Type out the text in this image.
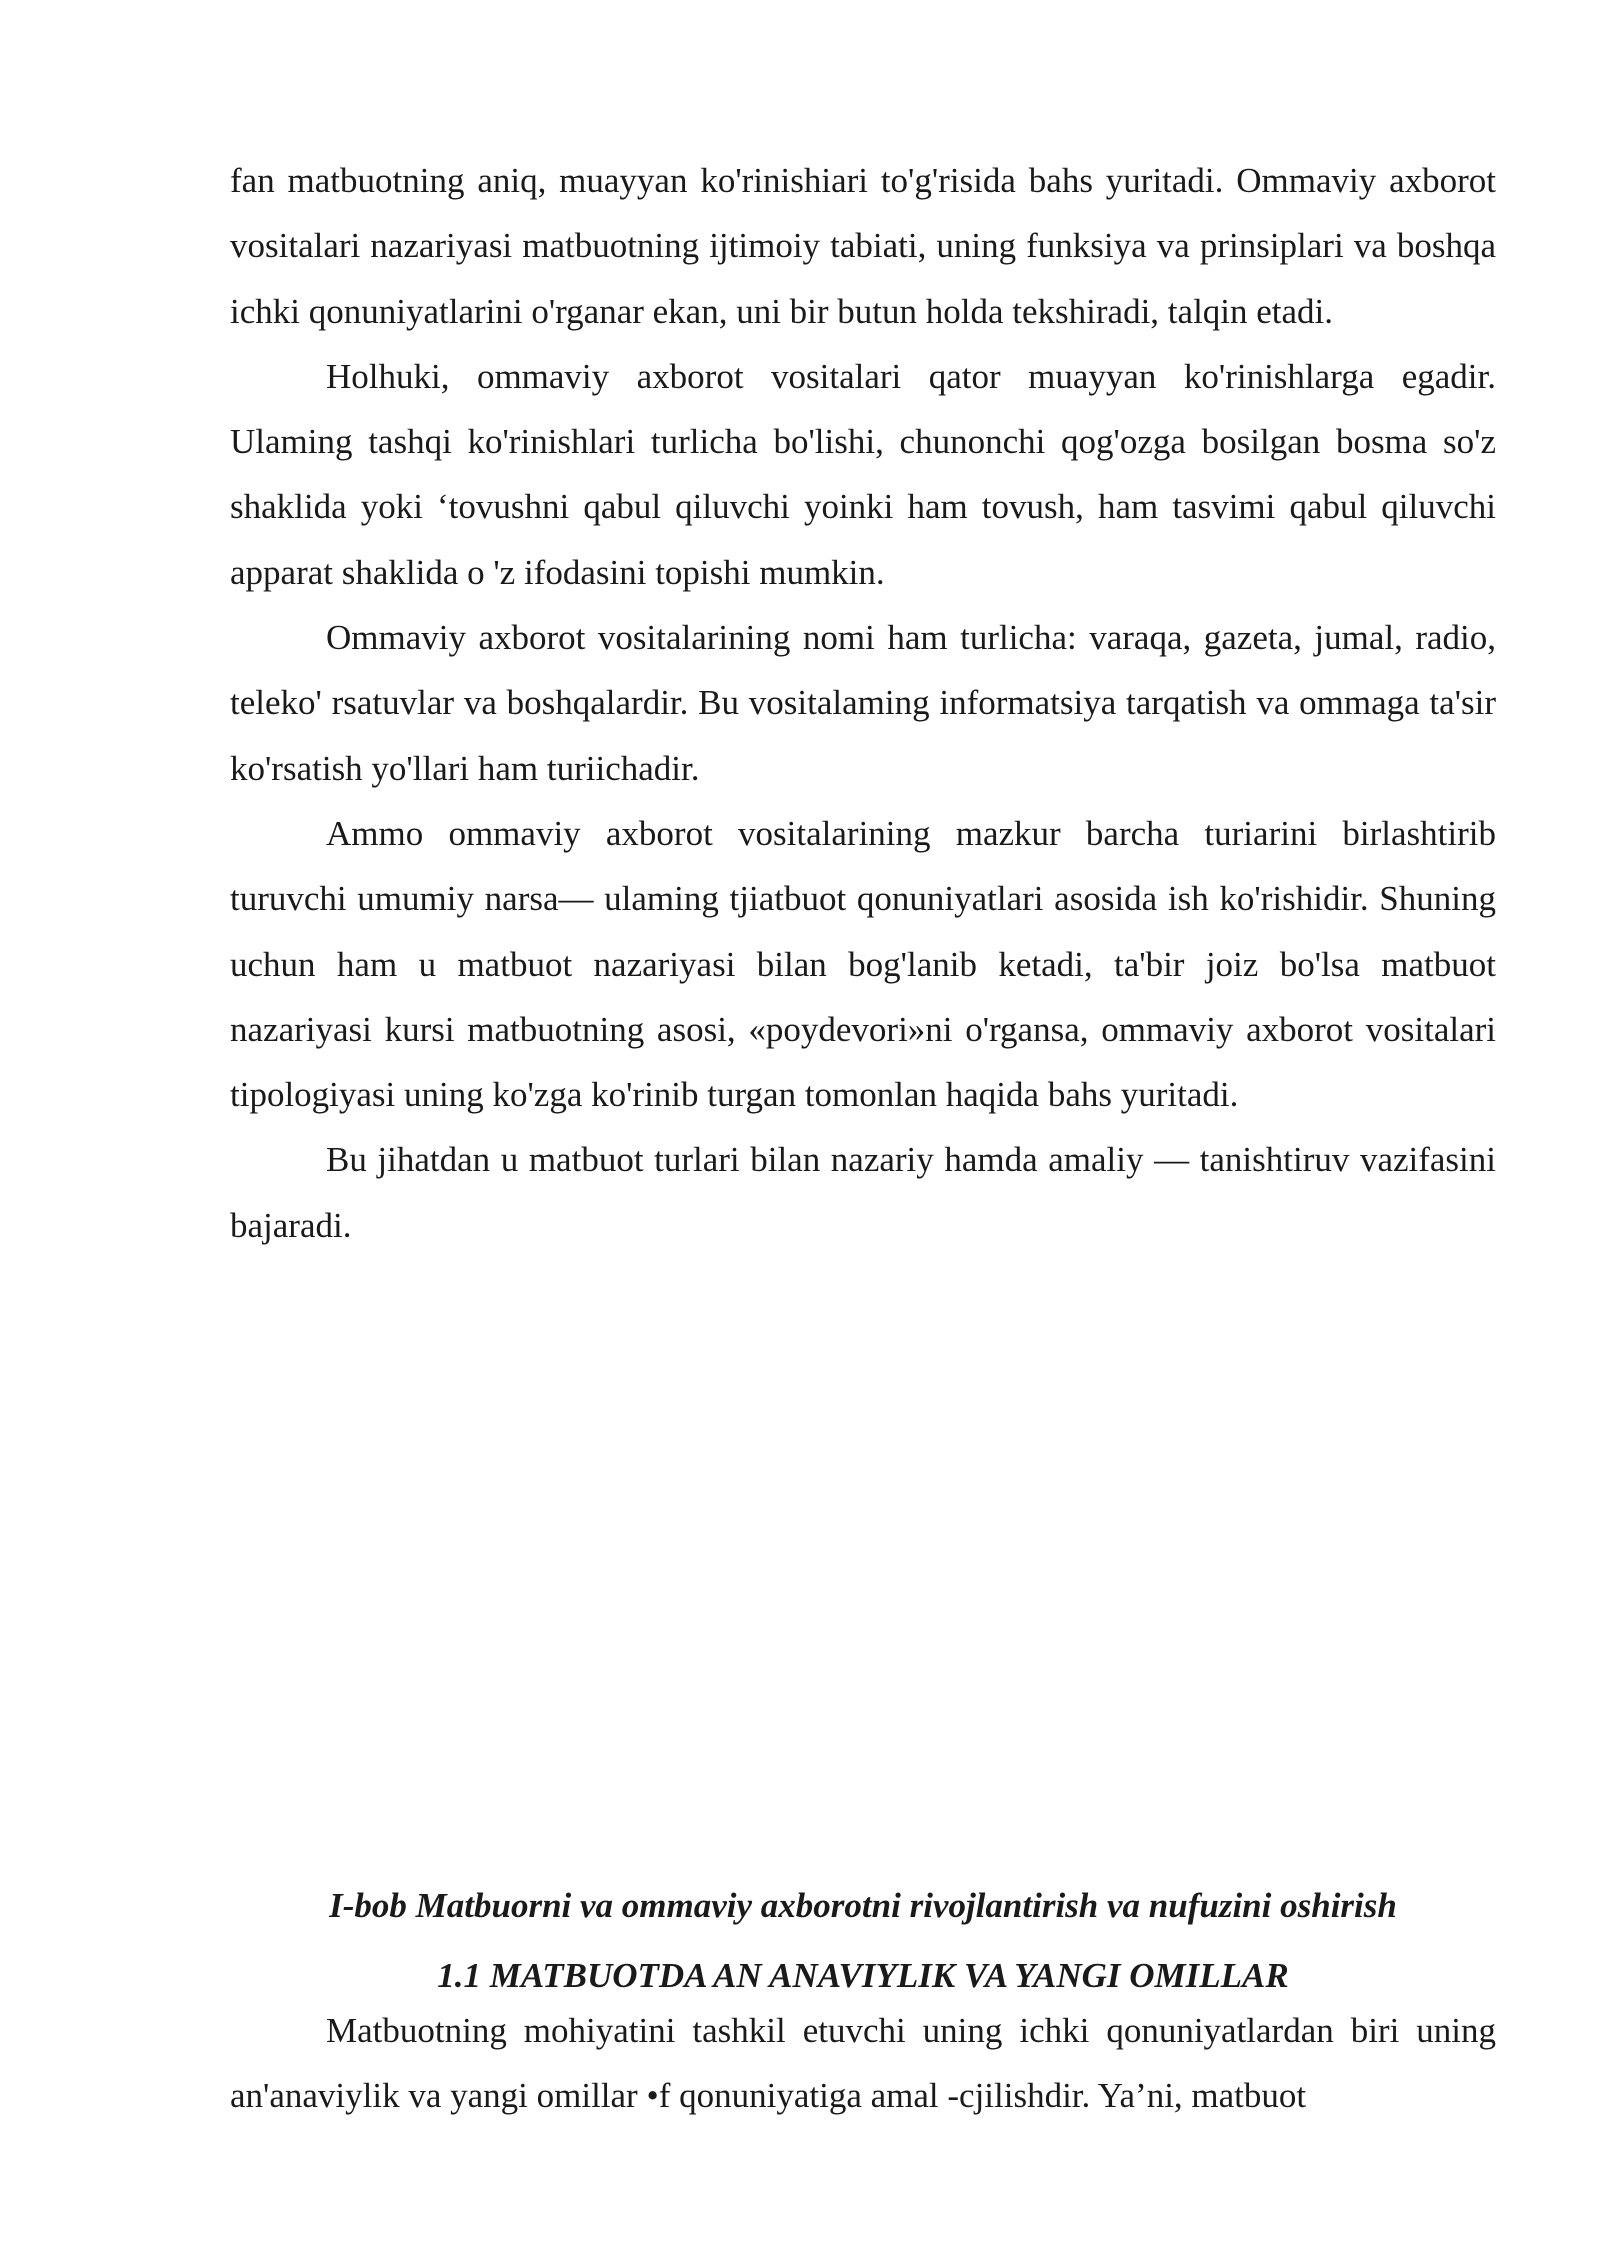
fan matbuotning aniq, muayyan ko'rinishiari to'g'risida bahs yuritadi. Ommaviy axborot vositalari nazariyasi matbuotning ijtimoiy tabiati, uning funksiya va prinsiplari va boshqa ichki qonuniyatlarini o'rganar ekan, uni bir butun holda tekshiradi, talqin etadi.

Holhuki, ommaviy axborot vositalari qator muayyan ko'rinishlarga egadir. Ulaming tashqi ko'rinishlari turlicha bo'lishi, chunonchi qog'ozga bosilgan bosma so'z shaklida yoki ‘tovushni qabul qiluvchi yoinki ham tovush, ham tasvimi qabul qiluvchi apparat shaklida o 'z ifodasini topishi mumkin.

Ommaviy axborot vositalarining nomi ham turlicha: varaqa, gazeta, jumal, radio, teleko' rsatuvlar va boshqalardir. Bu vositalaming informatsiya tarqatish va ommaga ta'sir ko'rsatish yo'llari ham turiichadir.

Ammo ommaviy axborot vositalarining mazkur barcha turiarini birlashtirib turuvchi umumiy narsa— ulaming tjiatbuot qonuniyatlari asosida ish ko'rishidir. Shuning uchun ham u matbuot nazariyasi bilan bog'lanib ketadi, ta'bir joiz bo'lsa matbuot nazariyasi kursi matbuotning asosi, «poydevori»ni o'rgansa, ommaviy axborot vositalari tipologiyasi uning ko'zga ko'rinib turgan tomonlan haqida bahs yuritadi.

Bu jihatdan u matbuot turlari bilan nazariy hamda amaliy — tanishtiruv vazifasini bajaradi.

I-bob Matbuorni va ommaviy axborotni rivojlantirish va nufuzini oshirish

1.1 MATBUOTDA AN ANAVIYLIK VA YANGI OMILLAR

Matbuotning mohiyatini tashkil etuvchi uning ichki qonuniyatlardan biri uning an'anaviylik va yangi omillar •f qonuniyatiga amal -cjilishdir. Ya’ni, matbuot
